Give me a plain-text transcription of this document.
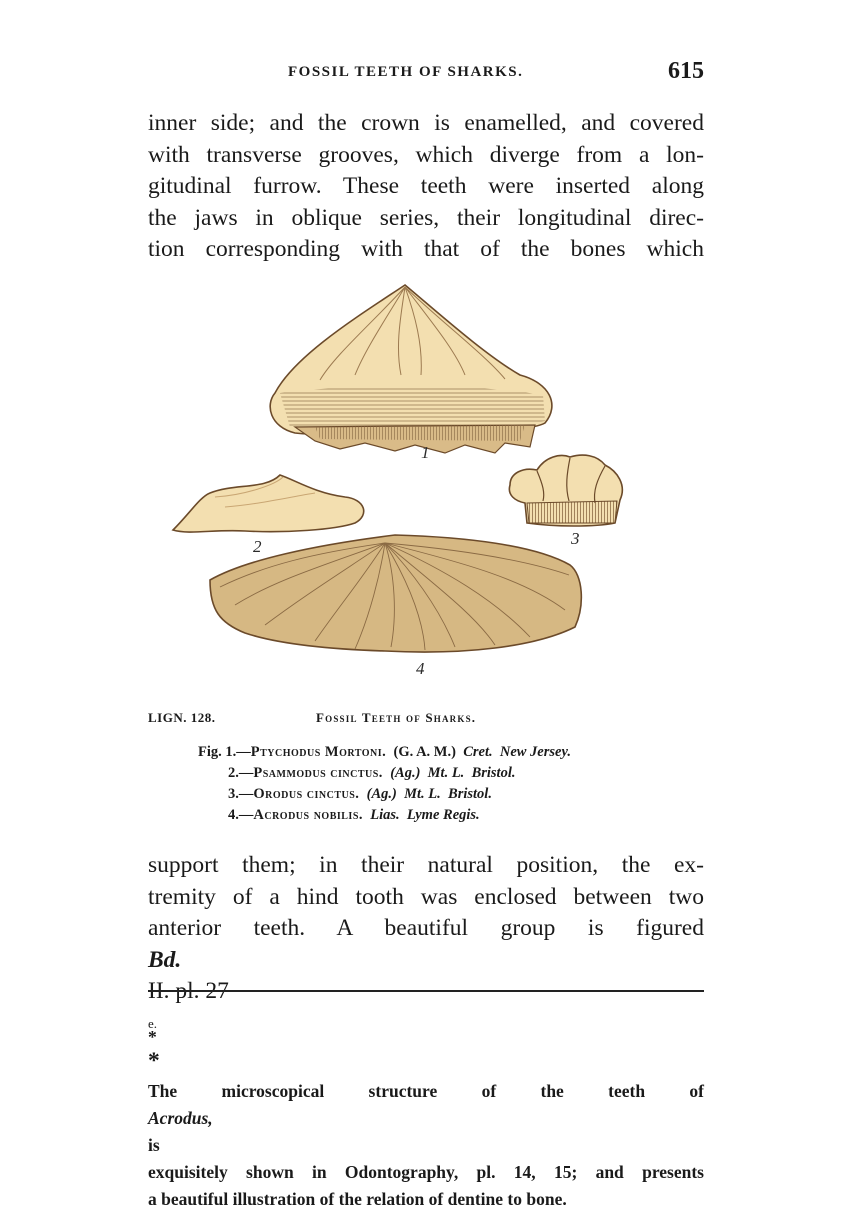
FOSSIL TEETH OF SHARKS.	615
inner side; and the crown is enamelled, and covered
with transverse grooves, which diverge from a lon-
gitudinal furrow. These teeth were inserted along
the jaws in oblique series, their longitudinal direc-
tion corresponding with that of the bones which
1
2	3
4
LIGN. 128.	Fossil Teeth of Sharks.
Fig. 1.—Ptychodus Mortoni. (G. A. M.) Cret. New Jersey.
2.—Psammodus cinctus. (Ag.) Mt. L. Bristol.
3.—Orodus cinctus. (Ag.) Mt. L. Bristol.
4.—Acrodus nobilis. Lias. Lyme Regis.
support them; in their natural position, the ex-
tremity of a hind tooth was enclosed between two
anterior teeth. A beautiful group is figured
Bd.
II. pl. 27
$^{e.}$
*

*

The microscopical structure of the teeth of
Acrodus,
is
exquisitely shown in Odontography, pl. 14, 15; and presents
a beautiful illustration of the relation of dentine to bone.
